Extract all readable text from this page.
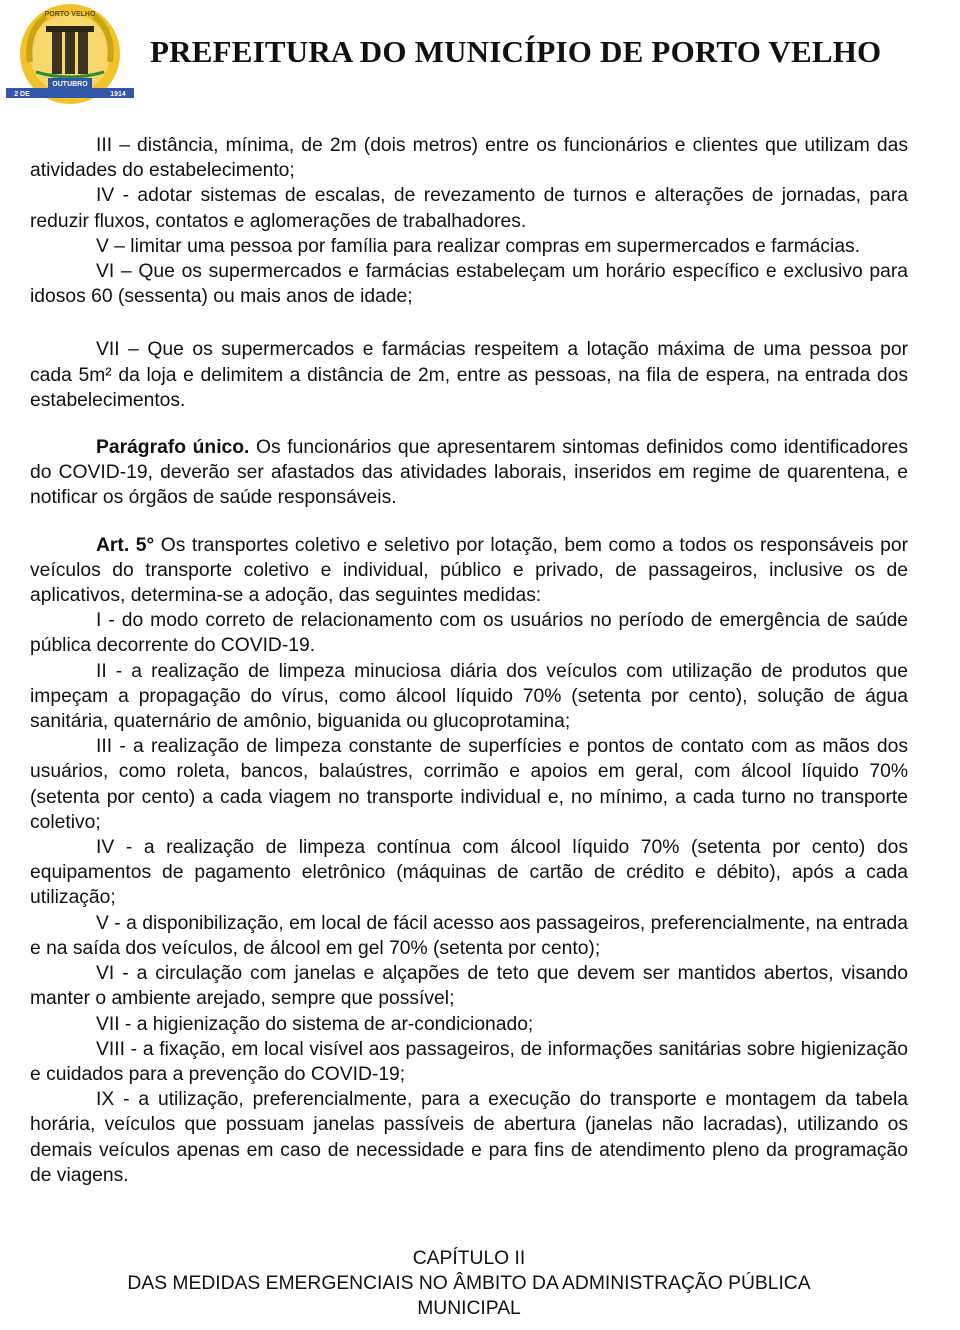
PORTO VELHO
OUTUBRO
2 DE	1914
PREFEITURA DO MUNICÍPIO DE PORTO VELHO

III – distância, mínima, de 2m (dois metros) entre os funcionários e clientes que utilizam das atividades do estabelecimento;

IV - adotar sistemas de escalas, de revezamento de turnos e alterações de jornadas, para reduzir fluxos, contatos e aglomerações de trabalhadores.

V – limitar uma pessoa por família para realizar compras em supermercados e farmácias.

VI – Que os supermercados e farmácias estabeleçam um horário específico e exclusivo para idosos 60 (sessenta) ou mais anos de idade;

VII – Que os supermercados e farmácias respeitem a lotação máxima de uma pessoa por cada 5m² da loja e delimitem a distância de 2m, entre as pessoas, na fila de espera, na entrada dos estabelecimentos.

Parágrafo único. Os funcionários que apresentarem sintomas definidos como identificadores do COVID-19, deverão ser afastados das atividades laborais, inseridos em regime de quarentena, e notificar os órgãos de saúde responsáveis.

Art. 5° Os transportes coletivo e seletivo por lotação, bem como a todos os responsáveis por veículos do transporte coletivo e individual, público e privado, de passageiros, inclusive os de aplicativos, determina-se a adoção, das seguintes medidas:

I - do modo correto de relacionamento com os usuários no período de emergência de saúde pública decorrente do COVID-19.

II - a realização de limpeza minuciosa diária dos veículos com utilização de produtos que impeçam a propagação do vírus, como álcool líquido 70% (setenta por cento), solução de água sanitária, quaternário de amônio, biguanida ou glucoprotamina;

III - a realização de limpeza constante de superfícies e pontos de contato com as mãos dos usuários, como roleta, bancos, balaústres, corrimão e apoios em geral, com álcool líquido 70% (setenta por cento) a cada viagem no transporte individual e, no mínimo, a cada turno no transporte coletivo;

IV - a realização de limpeza contínua com álcool líquido 70% (setenta por cento) dos equipamentos de pagamento eletrônico (máquinas de cartão de crédito e débito), após a cada utilização;

V - a disponibilização, em local de fácil acesso aos passageiros, preferencialmente, na entrada e na saída dos veículos, de álcool em gel 70% (setenta por cento);

VI - a circulação com janelas e alçapões de teto que devem ser mantidos abertos, visando manter o ambiente arejado, sempre que possível;

VII - a higienização do sistema de ar-condicionado;

VIII - a fixação, em local visível aos passageiros, de informações sanitárias sobre higienização e cuidados para a prevenção do COVID-19;

IX - a utilização, preferencialmente, para a execução do transporte e montagem da tabela horária, veículos que possuam janelas passíveis de abertura (janelas não lacradas), utilizando os demais veículos apenas em caso de necessidade e para fins de atendimento pleno da programação de viagens.

CAPÍTULO II
DAS MEDIDAS EMERGENCIAIS NO ÂMBITO DA ADMINISTRAÇÃO PÚBLICA
MUNICIPAL
